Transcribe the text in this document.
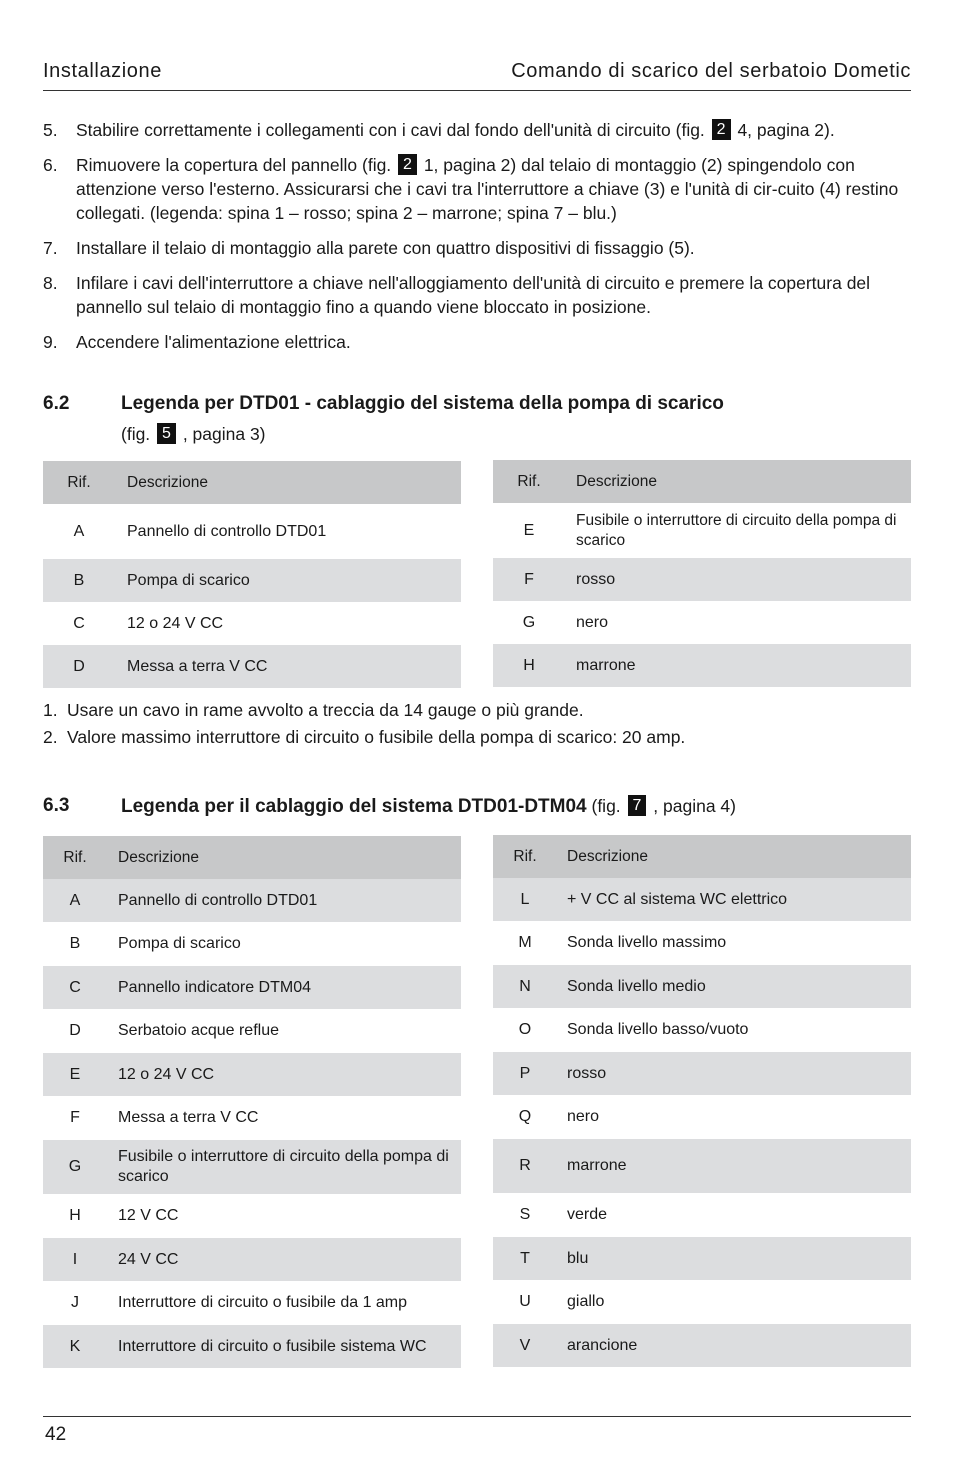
Installazione	Comando di scarico del serbatoio Dometic
5. Stabilire correttamente i collegamenti con i cavi dal fondo dell'unità di circuito (fig. 2 4, pagina 2).
6. Rimuovere la copertura del pannello (fig. 2 1, pagina 2) dal telaio di montaggio (2) spingendolo con attenzione verso l'esterno. Assicurarsi che i cavi tra l'interruttore a chiave (3) e l'unità di cir-cuito (4) restino collegati. (legenda: spina 1 – rosso; spina 2 – marrone; spina 7 – blu.)
7. Installare il telaio di montaggio alla parete con quattro dispositivi di fissaggio (5).
8. Infilare i cavi dell'interruttore a chiave nell'alloggiamento dell'unità di circuito e premere la copertura del pannello sul telaio di montaggio fino a quando viene bloccato in posizione.
9. Accendere l'alimentazione elettrica.
6.2	Legenda per DTD01 - cablaggio del sistema della pompa di scarico
(fig. 5 , pagina 3)
Rif.	Descrizione
A	Pannello di controllo DTD01
B	Pompa di scarico
C	12 o 24 V CC
D	Messa a terra V CC
Rif.	Descrizione
E	Fusibile o interruttore di circuito della pompa di scarico
F	rosso
G	nero
H	marrone
1. Usare un cavo in rame avvolto a treccia da 14 gauge o più grande.
2. Valore massimo interruttore di circuito o fusibile della pompa di scarico: 20 amp.
6.3	Legenda per il cablaggio del sistema DTD01-DTM04 (fig. 7 , pagina 4)
Rif.	Descrizione
A	Pannello di controllo DTD01
B	Pompa di scarico
C	Pannello indicatore DTM04
D	Serbatoio acque reflue
E	12 o 24 V CC
F	Messa a terra V CC
G	Fusibile o interruttore di circuito della pompa di scarico
H	12 V CC
I	24 V CC
J	Interruttore di circuito o fusibile da 1 amp
K	Interruttore di circuito o fusibile sistema WC
Rif.	Descrizione
L	+ V CC al sistema WC elettrico
M	Sonda livello massimo
N	Sonda livello medio
O	Sonda livello basso/vuoto
P	rosso
Q	nero
R	marrone
S	verde
T	blu
U	giallo
V	arancione
42
